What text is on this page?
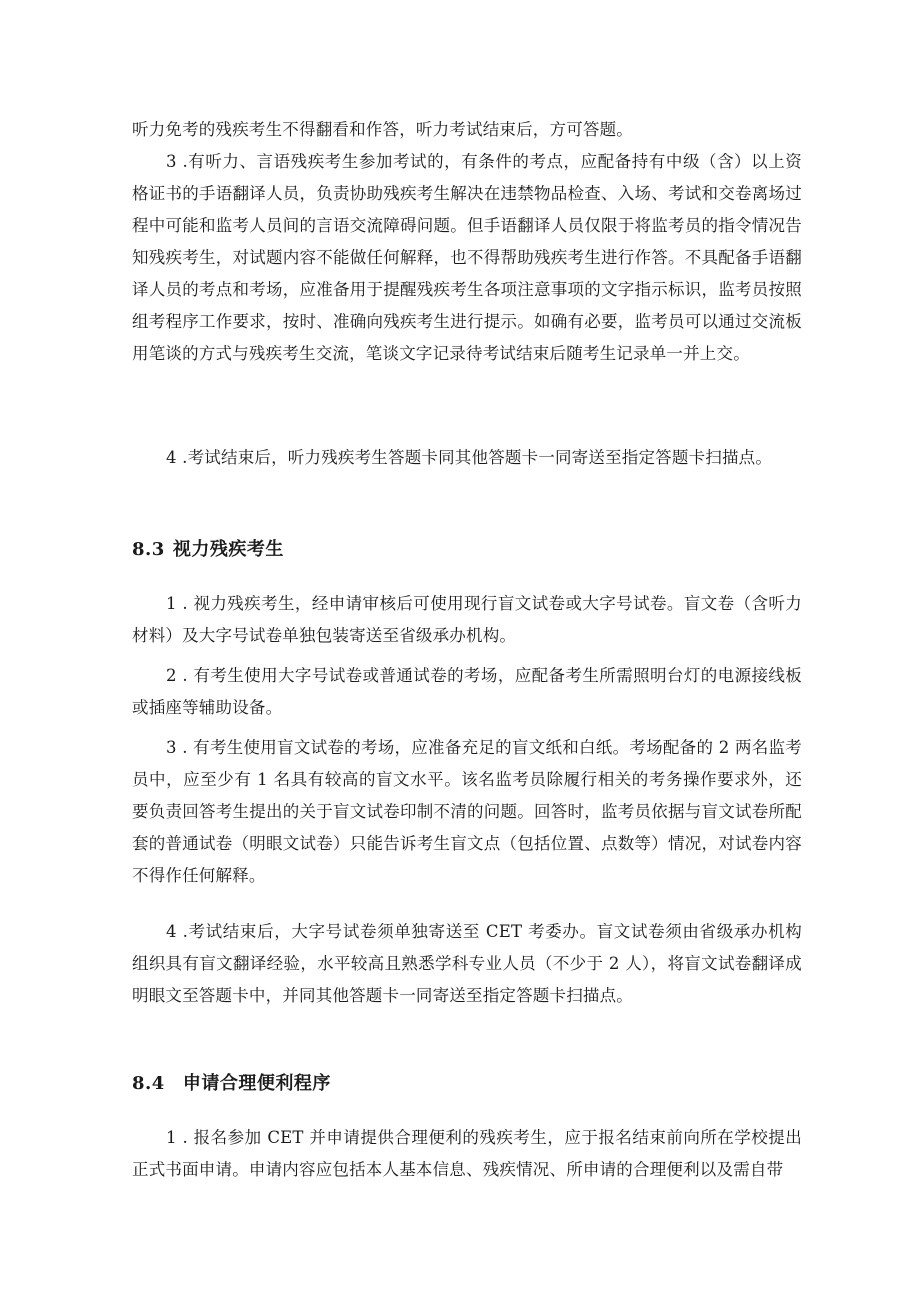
听力免考的残疾考生不得翻看和作答，听力考试结束后，方可答题。

3 .有听力、言语残疾考生参加考试的，有条件的考点，应配备持有中级（含）以上资格证书的手语翻译人员，负责协助残疾考生解决在违禁物品检查、入场、考试和交卷离场过程中可能和监考人员间的言语交流障碍问题。但手语翻译人员仅限于将监考员的指令情况告知残疾考生，对试题内容不能做任何解释，也不得帮助残疾考生进行作答。不具配备手语翻译人员的考点和考场，应准备用于提醒残疾考生各项注意事项的文字指示标识，监考员按照组考程序工作要求，按时、准确向残疾考生进行提示。如确有必要，监考员可以通过交流板用笔谈的方式与残疾考生交流，笔谈文字记录待考试结束后随考生记录单一并上交。

4 .考试结束后，听力残疾考生答题卡同其他答题卡一同寄送至指定答题卡扫描点。

8.3 视力残疾考生

1 . 视力残疾考生，经申请审核后可使用现行盲文试卷或大字号试卷。盲文卷（含听力材料）及大字号试卷单独包装寄送至省级承办机构。

2 . 有考生使用大字号试卷或普通试卷的考场，应配备考生所需照明台灯的电源接线板或插座等辅助设备。

3 . 有考生使用盲文试卷的考场，应准备充足的盲文纸和白纸。考场配备的 2 两名监考员中，应至少有 1 名具有较高的盲文水平。该名监考员除履行相关的考务操作要求外，还要负责回答考生提出的关于盲文试卷印制不清的问题。回答时，监考员依据与盲文试卷所配套的普通试卷（明眼文试卷）只能告诉考生盲文点（包括位置、点数等）情况，对试卷内容不得作任何解释。

4 .考试结束后，大字号试卷须单独寄送至 CET 考委办。盲文试卷须由省级承办机构组织具有盲文翻译经验，水平较高且熟悉学科专业人员（不少于 2 人），将盲文试卷翻译成明眼文至答题卡中，并同其他答题卡一同寄送至指定答题卡扫描点。

8.4 申请合理便利程序

1 . 报名参加 CET 并申请提供合理便利的残疾考生，应于报名结束前向所在学校提出正式书面申请。申请内容应包括本人基本信息、残疾情况、所申请的合理便利以及需自带
